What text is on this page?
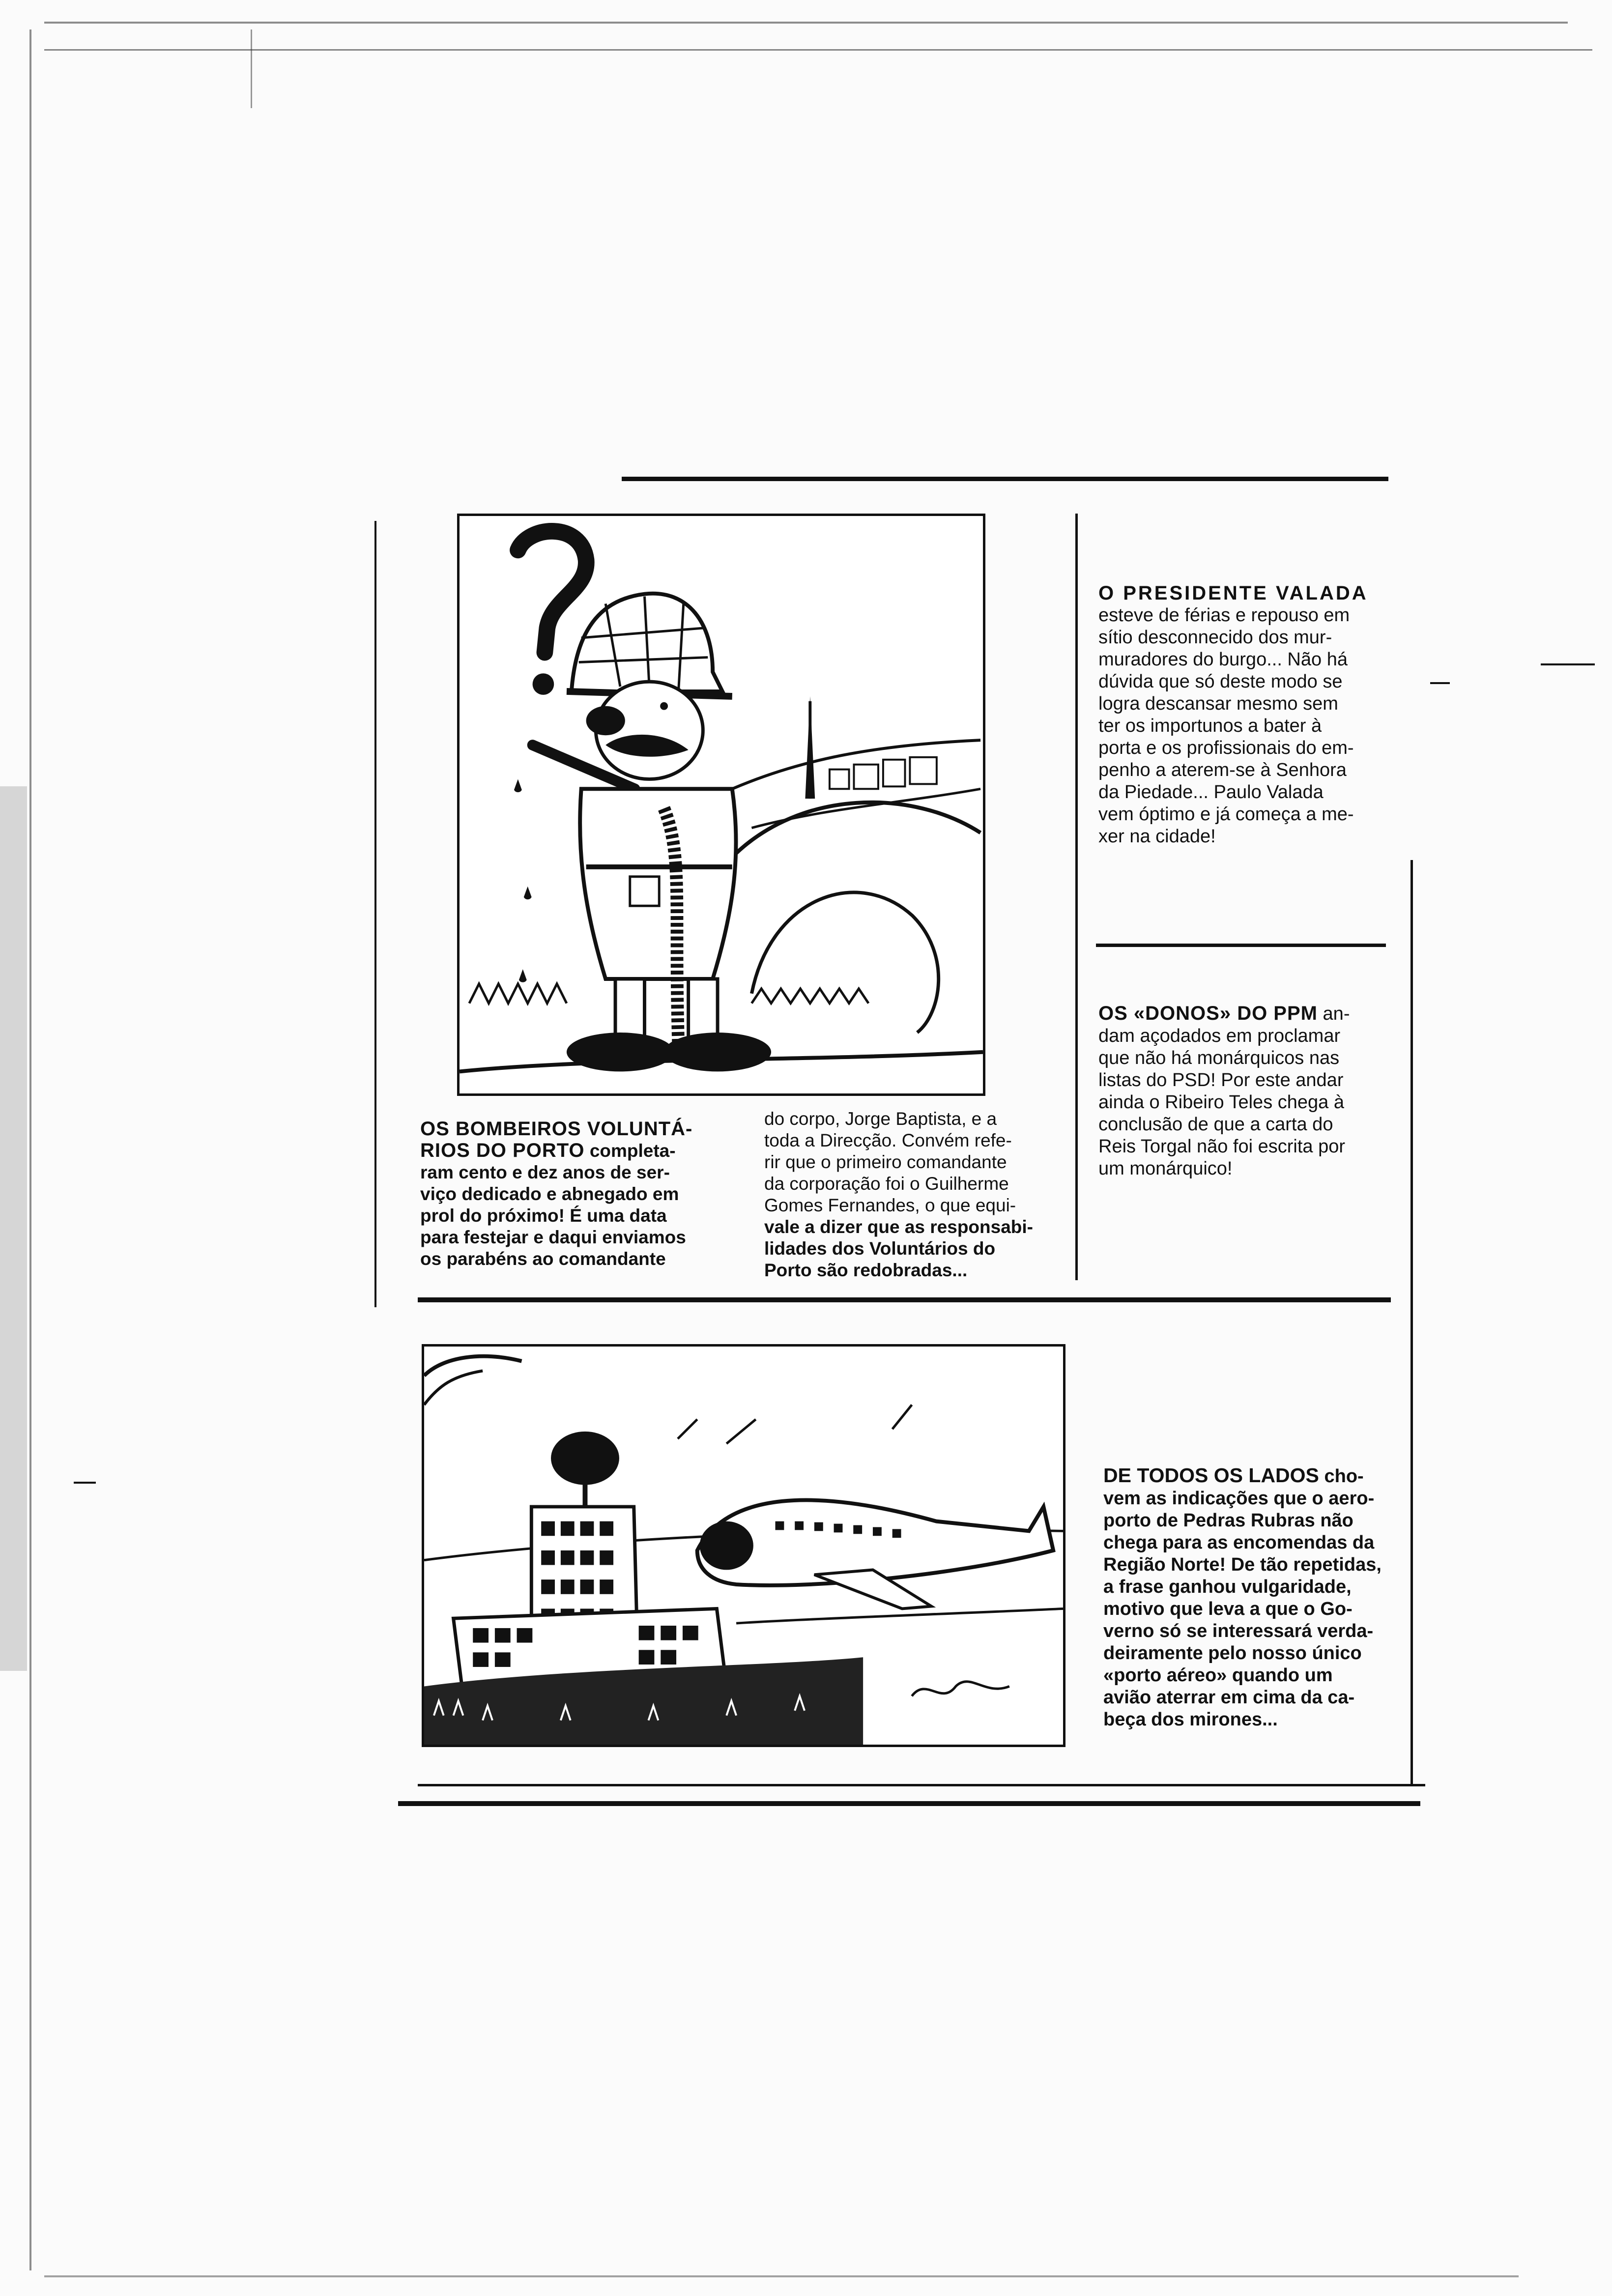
O PRESIDENTE VALADA
esteve de férias e repouso em
sítio desconnecido dos mur-
muradores do burgo... Não há
dúvida que só deste modo se
logra descansar mesmo sem
ter os importunos a bater à
porta e os profissionais do em-
penho a aterem-se à Senhora
da Piedade... Paulo Valada
vem óptimo e já começa a me-
xer na cidade!
OS «DONOS» DO PPM an-
dam açodados em proclamar
que não há monárquicos nas
listas do PSD! Por este andar
ainda o Ribeiro Teles chega à
conclusão de que a carta do
Reis Torgal não foi escrita por
um monárquico!
OS BOMBEIROS VOLUNTÁ-
RIOS DO PORTO completa-
ram cento e dez anos de ser-
viço dedicado e abnegado em
prol do próximo! É uma data
para festejar e daqui enviamos
os parabéns ao comandante
do corpo, Jorge Baptista, e a
toda a Direcção. Convém refe-
rir que o primeiro comandante
da corporação foi o Guilherme
Gomes Fernandes, o que equi-
vale a dizer que as responsabi-
lidades dos Voluntários do
Porto são redobradas...
DE TODOS OS LADOS cho-
vem as indicações que o aero-
porto de Pedras Rubras não
chega para as encomendas da
Região Norte! De tão repetidas,
a frase ganhou vulgaridade,
motivo que leva a que o Go-
verno só se interessará verda-
deiramente pelo nosso único
«porto aéreo» quando um
avião aterrar em cima da ca-
beça dos mirones...
